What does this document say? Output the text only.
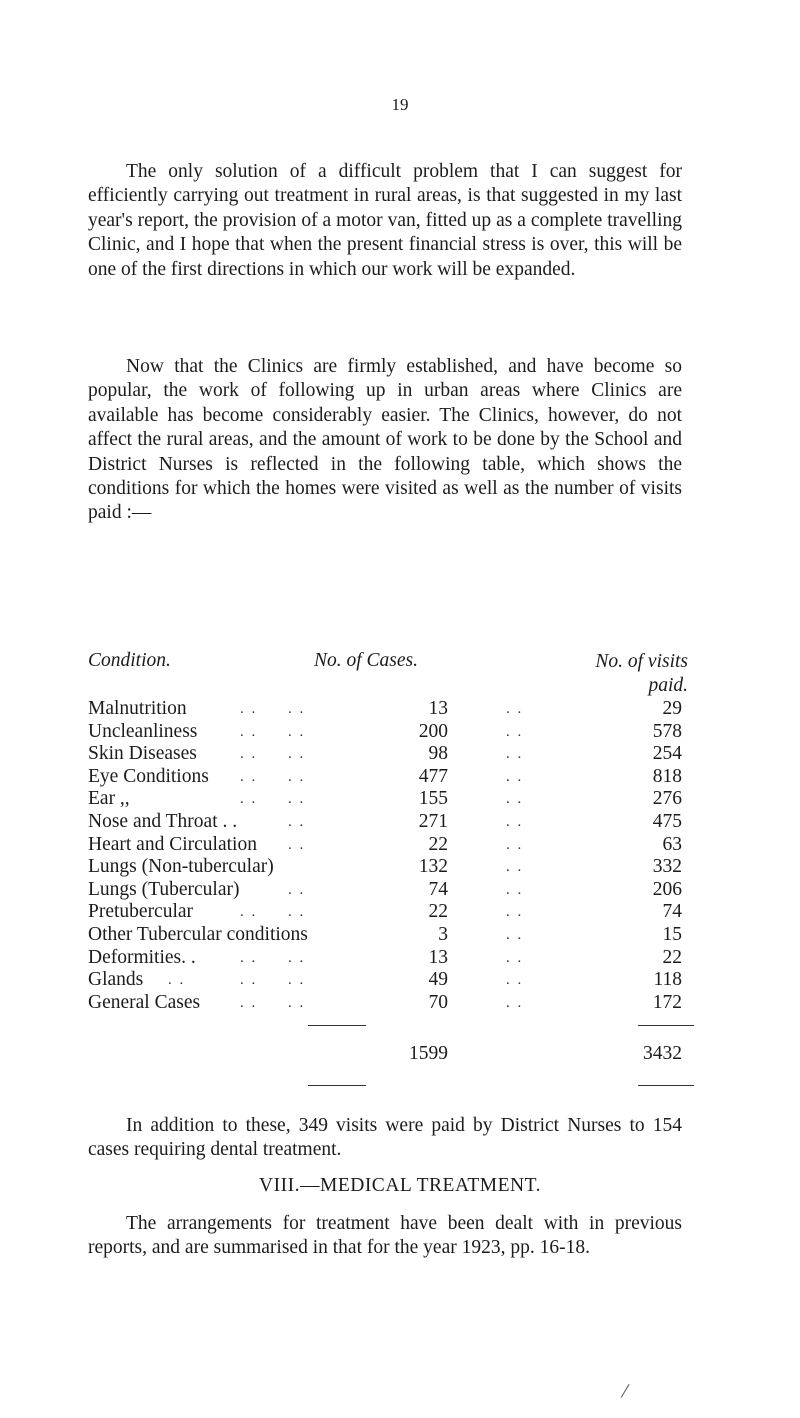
19

The only solution of a difficult problem that I can suggest for efficiently carrying out treatment in rural areas, is that suggested in my last year's report, the provision of a motor van, fitted up as a complete travelling Clinic, and I hope that when the present financial stress is over, this will be one of the first directions in which our work will be expanded.

Now that the Clinics are firmly established, and have become so popular, the work of following up in urban areas where Clinics are available has become considerably easier. The Clinics, however, do not affect the rural areas, and the amount of work to be done by the School and District Nurses is reflected in the following table, which shows the conditions for which the homes were visited as well as the number of visits paid :—

Condition.	No. of Cases.	No. of visits
paid.
Malnutrition	. . . .	13	. .	29
Uncleanliness	. . . .	200	. .	578
Skin Diseases	. . . .	98	. .	254
Eye Conditions . . . .	477	. .	818
Ear ,,	. . . .	155	. .	276
Nose and Throat . .	. .	271	. .	475
Heart and Circulation . .	22	. .	63
Lungs (Non-tubercular)	132	. .	332
Lungs (Tubercular)	. .	74	. .	206
Pretubercular	. . . .	22	. .	74
Other Tubercular conditions	3	. .	15
Deformities. .	. . . .	13	. .	22
Glands . .	. . . .	49	. .	118
General Cases	. . . .	70	. .	172
1599	3432

In addition to these, 349 visits were paid by District Nurses to 154 cases requiring dental treatment.

VIII.—MEDICAL TREATMENT.

The arrangements for treatment have been dealt with in previous reports, and are summarised in that for the year 1923, pp. 16-18.

/
